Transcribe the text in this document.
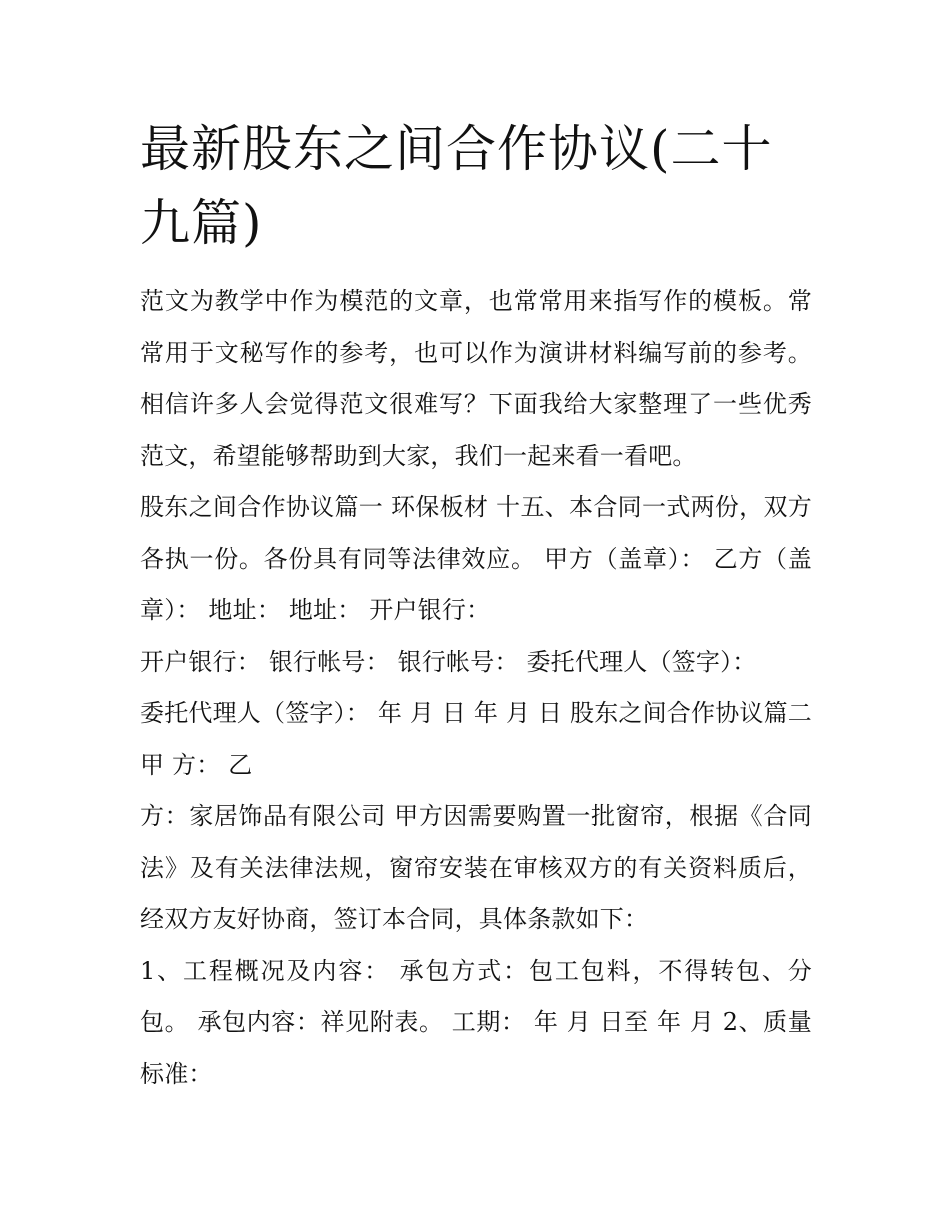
最新股东之间合作协议(二十九篇)

范文为教学中作为模范的文章，也常常用来指写作的模板。常常用于文秘写作的参考，也可以作为演讲材料编写前的参考。相信许多人会觉得范文很难写？下面我给大家整理了一些优秀范文，希望能够帮助到大家，我们一起来看一看吧。

股东之间合作协议篇一 环保板材 十五、本合同一式两份，双方各执一份。各份具有同等法律效应。 甲方（盖章）： 乙方（盖章）： 地址： 地址： 开户银行：

开户银行： 银行帐号： 银行帐号： 委托代理人（签字）：

委托代理人（签字）： 年 月 日 年 月 日 股东之间合作协议篇二 甲 方： 乙

方：家居饰品有限公司 甲方因需要购置一批窗帘，根据《合同法》及有关法律法规，窗帘安装在审核双方的有关资料质后，经双方友好协商，签订本合同，具体条款如下：

1、工程概况及内容： 承包方式：包工包料，不得转包、分包。 承包内容：祥见附表。 工期： 年 月 日至 年 月 2、质量标准：
